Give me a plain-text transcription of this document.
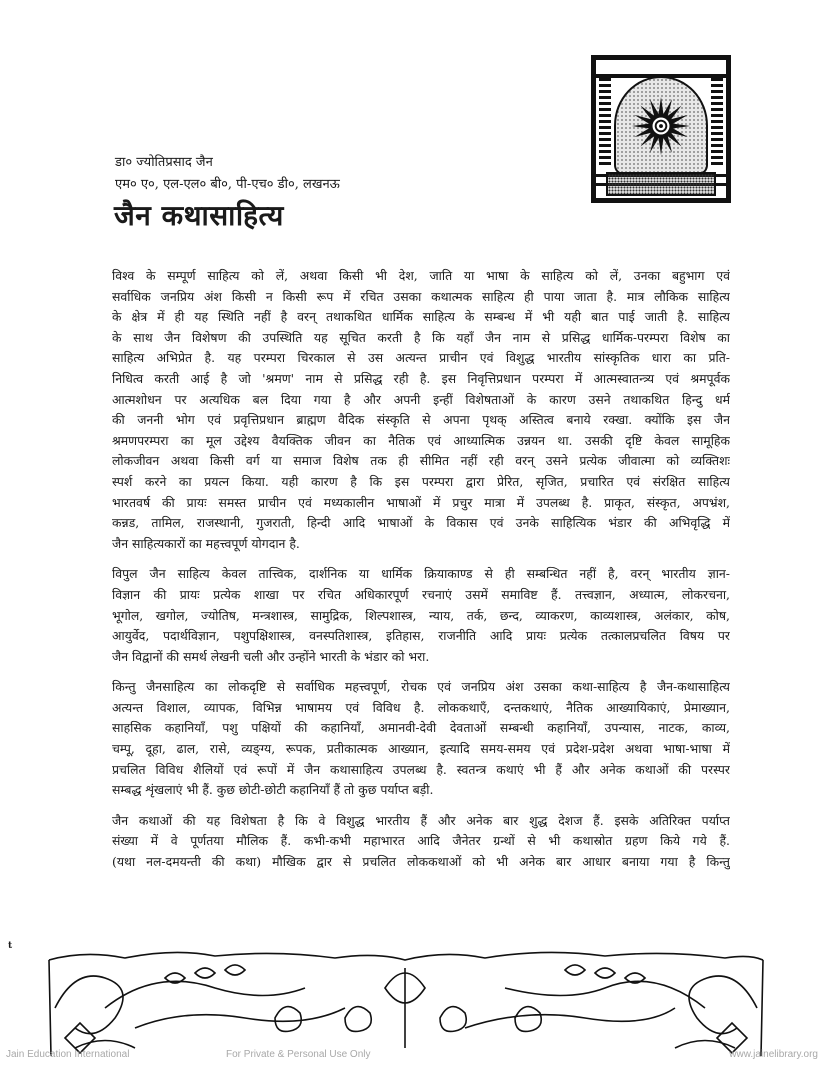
डा० ज्योतिप्रसाद जैन
एम० ए०, एल-एल० बी०, पी-एच० डी०, लखनऊ
जैन कथासाहित्य
विश्व के सम्पूर्ण साहित्य को लें, अथवा किसी भी देश, जाति या भाषा के साहित्य को लें, उनका बहुभाग एवं
सर्वाधिक जनप्रिय अंश किसी न किसी रूप में रचित उसका कथात्मक साहित्य ही पाया जाता है. मात्र लौकिक साहित्य
के क्षेत्र में ही यह स्थिति नहीं है वरन् तथाकथित धार्मिक साहित्य के सम्बन्ध में भी यही बात पाई जाती है. साहित्य
के साथ जैन विशेषण की उपस्थिति यह सूचित करती है कि यहाँ जैन नाम से प्रसिद्ध धार्मिक-परम्परा विशेष का
साहित्य अभिप्रेत है. यह परम्परा चिरकाल से उस अत्यन्त प्राचीन एवं विशुद्ध भारतीय सांस्कृतिक धारा का प्रति-
निधित्व करती आई है जो 'श्रमण' नाम से प्रसिद्ध रही है. इस निवृत्तिप्रधान परम्परा में आत्मस्वातन्त्र्य एवं श्रमपूर्वक
आत्मशोधन पर अत्यधिक बल दिया गया है और अपनी इन्हीं विशेषताओं के कारण उसने तथाकथित हिन्दु धर्म
की जननी भोग एवं प्रवृत्तिप्रधान ब्राह्मण वैदिक संस्कृति से अपना पृथक् अस्तित्व बनाये रक्खा. क्योंकि इस जैन
श्रमणपरम्परा का मूल उद्देश्य वैयक्तिक जीवन का नैतिक एवं आध्यात्मिक उन्नयन था. उसकी दृष्टि केवल सामूहिक
लोकजीवन अथवा किसी वर्ग या समाज विशेष तक ही सीमित नहीं रही वरन् उसने प्रत्येक जीवात्मा को व्यक्तिशः
स्पर्श करने का प्रयत्न किया. यही कारण है कि इस परम्परा द्वारा प्रेरित, सृजित, प्रचारित एवं संरक्षित साहित्य
भारतवर्ष की प्रायः समस्त प्राचीन एवं मध्यकालीन भाषाओं में प्रचुर मात्रा में उपलब्ध है. प्राकृत, संस्कृत, अपभ्रंश,
कन्नड, तामिल, राजस्थानी, गुजराती, हिन्दी आदि भाषाओं के विकास एवं उनके साहित्यिक भंडार की अभिवृद्धि में
जैन साहित्यकारों का महत्त्वपूर्ण योगदान है.
विपुल जैन साहित्य केवल तात्त्विक, दार्शनिक या धार्मिक क्रियाकाण्ड से ही सम्बन्धित नहीं है, वरन् भारतीय ज्ञान-
विज्ञान की प्रायः प्रत्येक शाखा पर रचित अधिकारपूर्ण रचनाएं उसमें समाविष्ट हैं. तत्त्वज्ञान, अध्यात्म, लोकरचना,
भूगोल, खगोल, ज्योतिष, मन्त्रशास्त्र, सामुद्रिक, शिल्पशास्त्र, न्याय, तर्क, छन्द, व्याकरण, काव्यशास्त्र, अलंकार, कोष,
आयुर्वेद, पदार्थविज्ञान, पशुपक्षिशास्त्र, वनस्पतिशास्त्र, इतिहास, राजनीति आदि प्रायः प्रत्येक तत्कालप्रचलित विषय पर
जैन विद्वानों की समर्थ लेखनी चली और उन्होंने भारती के भंडार को भरा.
किन्तु जैनसाहित्य का लोकदृष्टि से सर्वाधिक महत्त्वपूर्ण, रोचक एवं जनप्रिय अंश उसका कथा-साहित्य है जैन-कथासाहित्य
अत्यन्त विशाल, व्यापक, विभिन्न भाषामय एवं विविध है. लोककथाएँ, दन्तकथाएं, नैतिक आख्यायिकाएं, प्रेमाख्यान,
साहसिक कहानियाँ, पशु पक्षियों की कहानियाँ, अमानवी-देवी देवताओं सम्बन्धी कहानियाँ, उपन्यास, नाटक, काव्य,
चम्पू, दूहा, ढाल, रासे, व्यङ्ग्य, रूपक, प्रतीकात्मक आख्यान, इत्यादि समय-समय एवं प्रदेश-प्रदेश अथवा भाषा-भाषा में
प्रचलित विविध शैलियों एवं रूपों में जैन कथासाहित्य उपलब्ध है. स्वतन्त्र कथाएं भी हैं और अनेक कथाओं की परस्पर
सम्बद्ध शृंखलाएं भी हैं. कुछ छोटी-छोटी कहानियाँ हैं तो कुछ पर्याप्त बड़ी.
जैन कथाओं की यह विशेषता है कि वे विशुद्ध भारतीय हैं और अनेक बार शुद्ध देशज हैं. इसके अतिरिक्त पर्याप्त
संख्या में वे पूर्णतया मौलिक हैं. कभी-कभी महाभारत आदि जैनेतर ग्रन्थों से भी कथास्रोत ग्रहण किये गये हैं.
(यथा नल-दमयन्ती की कथा) मौखिक द्वार से प्रचलित लोककथाओं को भी अनेक बार आधार बनाया गया है किन्तु
t
Jain Education International	For Private & Personal Use Only	www.jainelibrary.org
